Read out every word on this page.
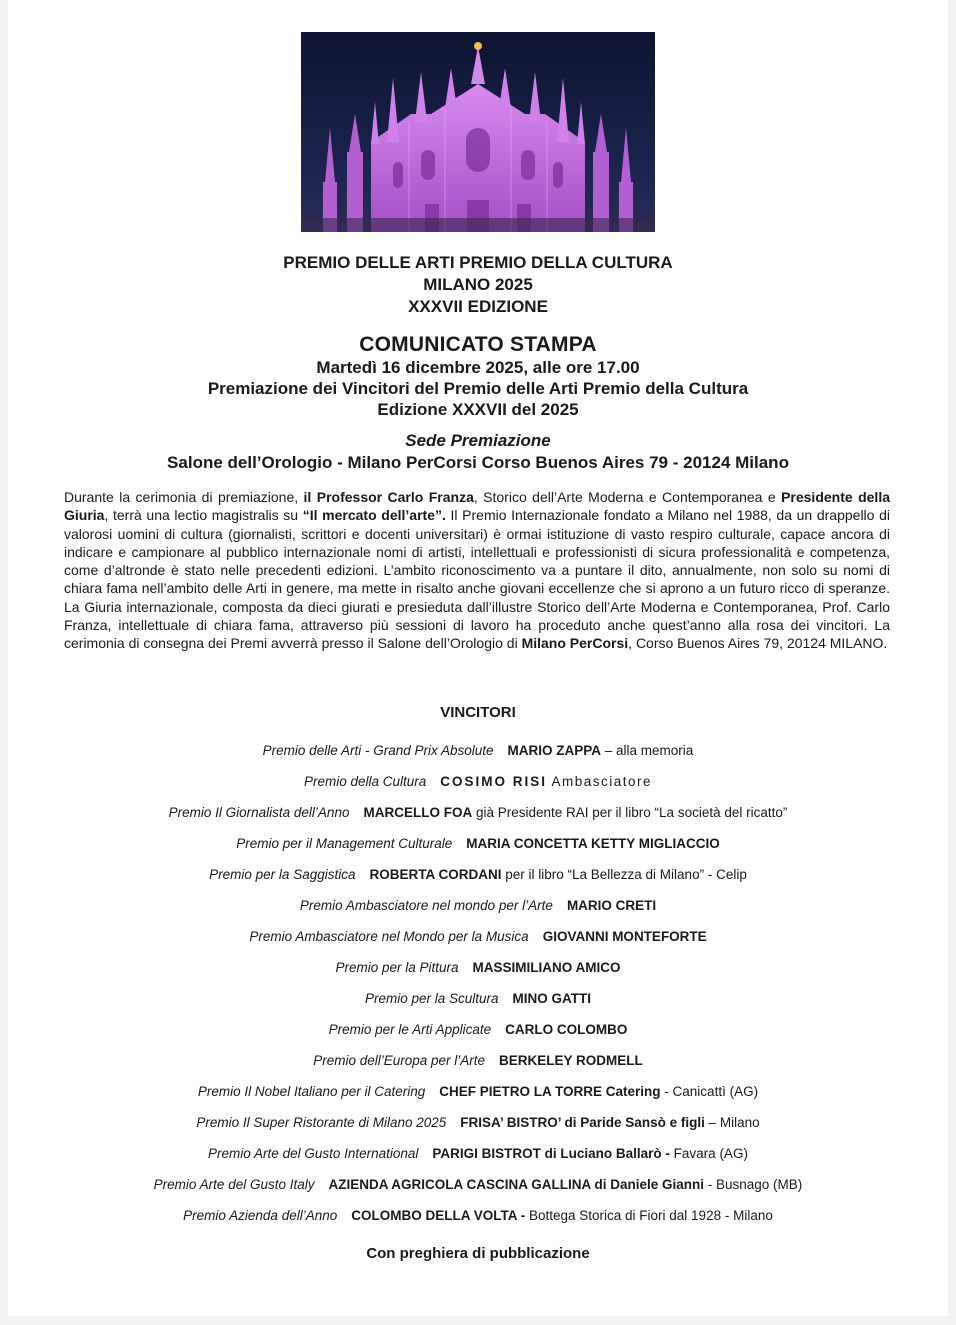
PREMIO DELLE ARTI PREMIO DELLA CULTURA
MILANO 2025
XXXVII EDIZIONE
COMUNICATO STAMPA
Martedì 16 dicembre 2025, alle ore 17.00
Premiazione dei Vincitori del Premio delle Arti Premio della Cultura
Edizione XXXVII del 2025
Sede Premiazione
Salone dell’Orologio - Milano PerCorsi Corso Buenos Aires 79 - 20124 Milano
Durante la cerimonia di premiazione, il Professor Carlo Franza, Storico dell’Arte Moderna e Contemporanea e Presidente della Giuria, terrà una lectio magistralis su “Il mercato dell’arte”. Il Premio Internazionale fondato a Milano nel 1988, da un drappello di valorosi uomini di cultura (giornalisti, scrittori e docenti universitari) è ormai istituzione di vasto respiro culturale, capace ancora di indicare e campionare al pubblico internazionale nomi di artisti, intellettuali e professionisti di sicura professionalità e competenza, come d’altronde è stato nelle precedenti edizioni. L’ambito riconoscimento va a puntare il dito, annualmente, non solo su nomi di chiara fama nell’ambito delle Arti in genere, ma mette in risalto anche giovani eccellenze che si aprono a un futuro ricco di speranze. La Giuria internazionale, composta da dieci giurati e presieduta dall’illustre Storico dell’Arte Moderna e Contemporanea, Prof. Carlo Franza, intellettuale di chiara fama, attraverso più sessioni di lavoro ha proceduto anche quest’anno alla rosa dei vincitori. La cerimonia di consegna dei Premi avverrà presso il Salone dell’Orologio di Milano PerCorsi, Corso Buenos Aires 79, 20124 MILANO.
VINCITORI
Premio delle Arti - Grand Prix Absolute MARIO ZAPPA – alla memoria
Premio della Cultura COSIMO RISI Ambasciatore
Premio Il Giornalista dell’Anno MARCELLO FOA già Presidente RAI per il libro “La società del ricatto”
Premio per il Management Culturale MARIA CONCETTA KETTY MIGLIACCIO
Premio per la Saggistica ROBERTA CORDANI per il libro “La Bellezza di Milano” - Celip
Premio Ambasciatore nel mondo per l’Arte MARIO CRETI
Premio Ambasciatore nel Mondo per la Musica GIOVANNI MONTEFORTE
Premio per la Pittura MASSIMILIANO AMICO
Premio per la Scultura MINO GATTI
Premio per le Arti Applicate CARLO COLOMBO
Premio dell’Europa per l’Arte BERKELEY RODMELL
Premio Il Nobel Italiano per il Catering CHEF PIETRO LA TORRE Catering - Canicattì (AG)
Premio Il Super Ristorante di Milano 2025 FRISA’ BISTRO’ di Paride Sansò e figli – Milano
Premio Arte del Gusto International PARIGI BISTROT di Luciano Ballarò - Favara (AG)
Premio Arte del Gusto Italy AZIENDA AGRICOLA CASCINA GALLINA di Daniele Gianni - Busnago (MB)
Premio Azienda dell’Anno COLOMBO DELLA VOLTA - Bottega Storica di Fiori dal 1928 - Milano
Con preghiera di pubblicazione
